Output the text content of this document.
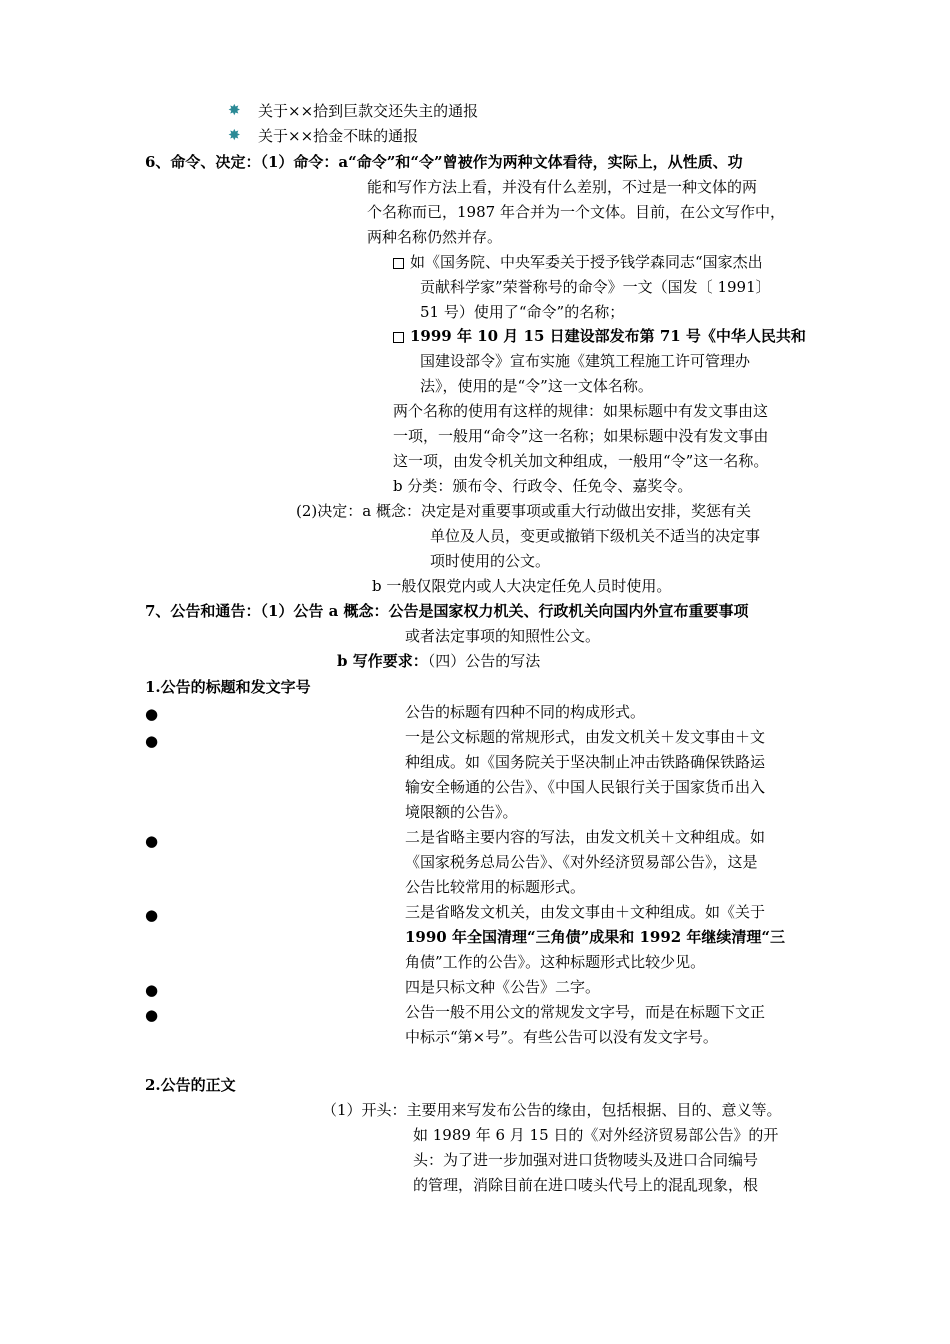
✸ 关于××拾到巨款交还失主的通报
✸ 关于××拾金不昧的通报
6、命令、决定：（1）命令：a“命令”和“令”曾被作为两种文体看待，实际上，从性质、功
能和写作方法上看，并没有什么差别，不过是一种文体的两
个名称而已，1987 年合并为一个文体。目前，在公文写作中，
两种名称仍然并存。
如《国务院、中央军委关于授予钱学森同志“国家杰出
贡献科学家”荣誉称号的命令》一文（国发〔 1991〕
51 号）使用了“命令”的名称；
1999 年 10 月 15 日建设部发布第 71 号《中华人民共和
国建设部令》宣布实施《建筑工程施工许可管理办
法》，使用的是“令”这一文体名称。
两个名称的使用有这样的规律：如果标题中有发文事由这
一项，一般用“命令”这一名称；如果标题中没有发文事由
这一项，由发令机关加文种组成，一般用“令”这一名称。
b 分类：颁布令、行政令、任免令、嘉奖令。
(2)决定：a 概念：决定是对重要事项或重大行动做出安排，奖惩有关
单位及人员，变更或撤销下级机关不适当的决定事
项时使用的公文。
b 一般仅限党内或人大决定任免人员时使用。
7、公告和通告：（1）公告 a 概念：公告是国家权力机关、行政机关向国内外宣布重要事项
或者法定事项的知照性公文。
b 写作要求：（四）公告的写法
1.公告的标题和发文字号
●
●
●
●
●
●
公告的标题有四种不同的构成形式。
一是公文标题的常规形式，由发文机关＋发文事由＋文
种组成。如《国务院关于坚决制止冲击铁路确保铁路运
输安全畅通的公告》、《中国人民银行关于国家货币出入
境限额的公告》。
二是省略主要内容的写法，由发文机关＋文种组成。如
《国家税务总局公告》、《对外经济贸易部公告》，这是
公告比较常用的标题形式。
三是省略发文机关，由发文事由＋文种组成。如《关于
1990 年全国清理“三角债”成果和 1992 年继续清理“三
角债”工作的公告》。这种标题形式比较少见。
四是只标文种《公告》二字。
公告一般不用公文的常规发文字号，而是在标题下文正
中标示“第×号”。有些公告可以没有发文字号。
2.公告的正文
（1）开头：主要用来写发布公告的缘由，包括根据、目的、意义等。
如 1989 年 6 月 15 日的《对外经济贸易部公告》的开
头：为了进一步加强对进口货物唛头及进口合同编号
的管理，消除目前在进口唛头代号上的混乱现象，根
